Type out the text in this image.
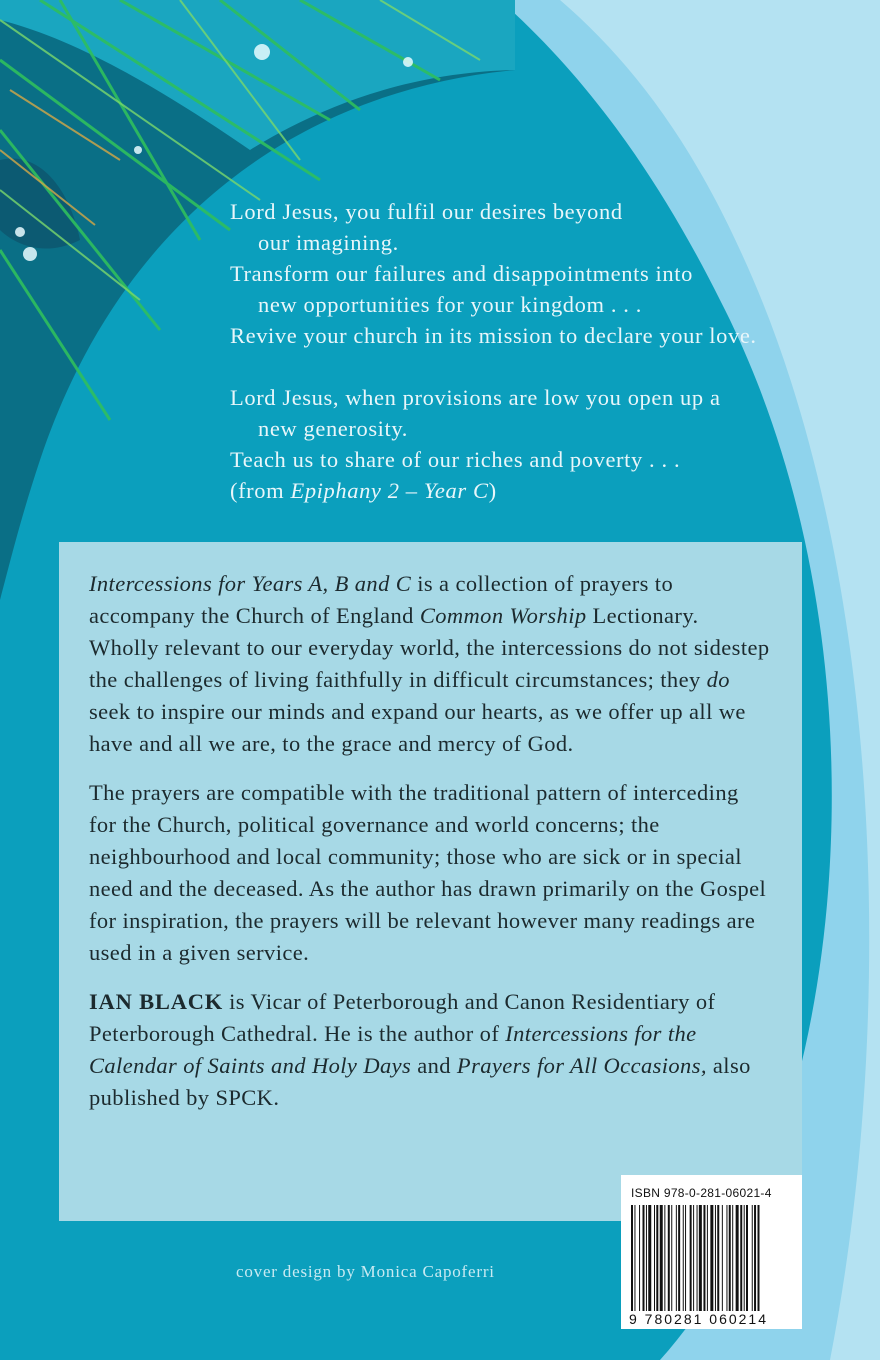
Lord Jesus, you fulfil our desires beyond
our imagining.
Transform our failures and disappointments into
new opportunities for your kingdom . . .
Revive your church in its mission to declare your love.
Lord Jesus, when provisions are low you open up a
new generosity.
Teach us to share of our riches and poverty . . .
(from Epiphany 2 – Year C)

Intercessions for Years A, B and C is a collection of prayers to accompany the Church of England Common Worship Lectionary. Wholly relevant to our everyday world, the intercessions do not sidestep the challenges of living faithfully in difficult circumstances; they do seek to inspire our minds and expand our hearts, as we offer up all we have and all we are, to the grace and mercy of God.

The prayers are compatible with the traditional pattern of interceding for the Church, political governance and world concerns; the neighbourhood and local community; those who are sick or in special need and the deceased. As the author has drawn primarily on the Gospel for inspiration, the prayers will be relevant however many readings are used in a given service.

IAN BLACK is Vicar of Peterborough and Canon Residentiary of Peterborough Cathedral. He is the author of Intercessions for the Calendar of Saints and Holy Days and Prayers for All Occasions, also published by SPCK.

cover design by Monica Capoferri
ISBN 978-0-281-06021-4
9 780281 060214
